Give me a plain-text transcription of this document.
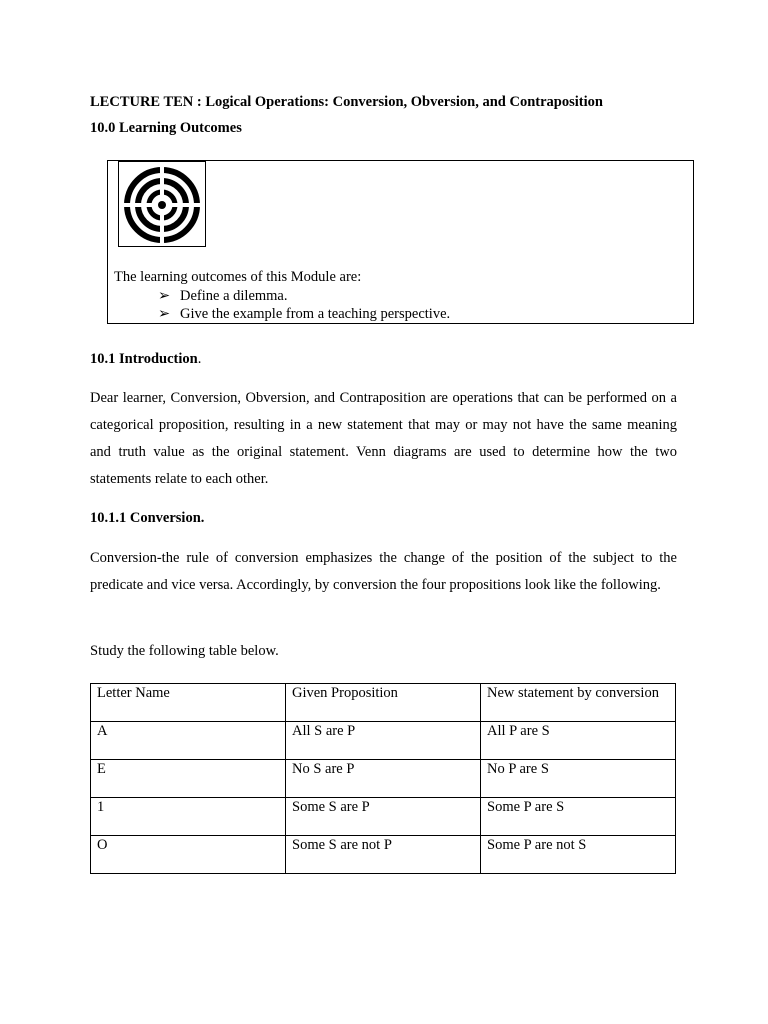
LECTURE TEN : Logical Operations: Conversion, Obversion, and Contraposition
10.0 Learning Outcomes
The learning outcomes of this Module are:
➢ Define a dilemma.
➢ Give the example from a teaching perspective.
10.1 Introduction.
Dear learner, Conversion, Obversion, and Contraposition are operations that can be performed on a categorical proposition, resulting in a new statement that may or may not have the same meaning and truth value as the original statement. Venn diagrams are used to determine how the two statements relate to each other.
10.1.1 Conversion.
Conversion-the rule of conversion emphasizes the change of the position of the subject to the predicate and vice versa. Accordingly, by conversion the four propositions look like the following.
Study the following table below.
Letter Name	Given Proposition	New statement by conversion
A	All S are P	All P are S
E	No S are P	No P are S
1	Some S are P	Some P are S
O	Some S are not P	Some P are not S
